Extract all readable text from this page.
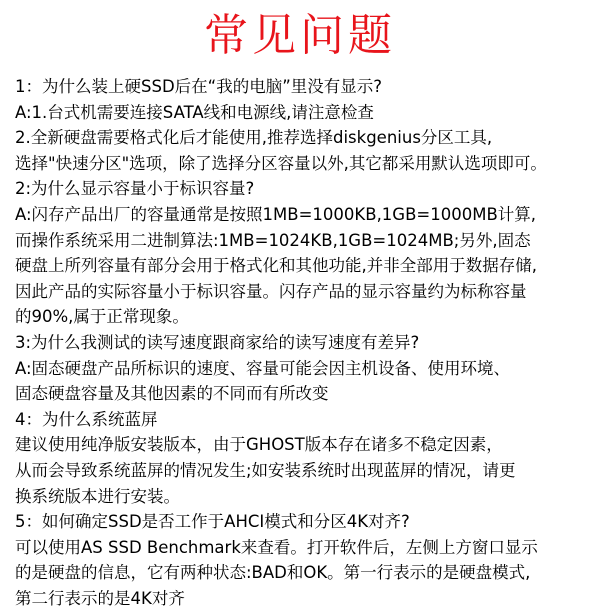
常见问题
1：为什么装上硬SSD后在“我的电脑”里没有显示?
A:1.台式机需要连接SATA线和电源线,请注意检查
2.全新硬盘需要格式化后才能使用,推荐选择diskgenius分区工具,
选择"快速分区"选项，除了选择分区容量以外,其它都采用默认选项即可。
2:为什么显示容量小于标识容量?
A:闪存产品出厂的容量通常是按照1MB=1000KB,1GB=1000MB计算,
而操作系统采用二进制算法:1MB=1024KB,1GB=1024MB;另外,固态
硬盘上所列容量有部分会用于格式化和其他功能,并非全部用于数据存储,
因此产品的实际容量小于标识容量。闪存产品的显示容量约为标称容量
的90%,属于正常现象。
3:为什么我测试的读写速度跟商家给的读写速度有差异?
A:固态硬盘产品所标识的速度、容量可能会因主机设备、使用环境、
固态硬盘容量及其他因素的不同而有所改变
4：为什么系统蓝屏
建议使用纯净版安装版本，由于GHOST版本存在诸多不稳定因素，
从而会导致系统蓝屏的情况发生;如安装系统时出现蓝屏的情况，请更
换系统版本进行安装。
5：如何确定SSD是否工作于AHCI模式和分区4K对齐?
可以使用AS SSD Benchmark来查看。打开软件后，左侧上方窗口显示
的是硬盘的信息，它有两种状态:BAD和OK。第一行表示的是硬盘模式,
第二行表示的是4K对齐
